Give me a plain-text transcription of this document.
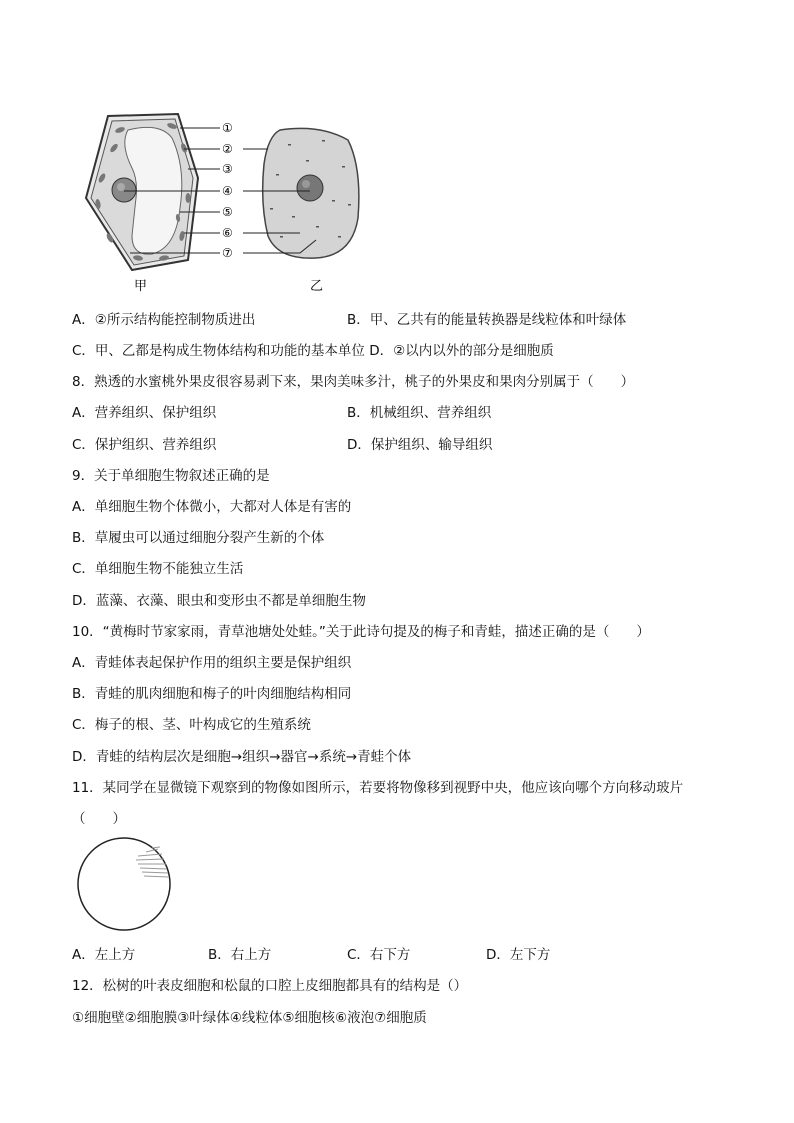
①
②
③
④
⑤
⑥
⑦
甲	乙
A．②所示结构能控制物质进出	B．甲、乙共有的能量转换器是线粒体和叶绿体
C．甲、乙都是构成生物体结构和功能的基本单位 D．②以内以外的部分是细胞质
8．熟透的水蜜桃外果皮很容易剥下来，果肉美味多汁，桃子的外果皮和果肉分别属于（　　）
A．营养组织、保护组织	B．机械组织、营养组织
C．保护组织、营养组织	D．保护组织、输导组织
9．关于单细胞生物叙述正确的是
A．单细胞生物个体微小，大都对人体是有害的
B．草履虫可以通过细胞分裂产生新的个体
C．单细胞生物不能独立生活
D．蓝藻、衣藻、眼虫和变形虫不都是单细胞生物
10．“黄梅时节家家雨，青草池塘处处蛙。”关于此诗句提及的梅子和青蛙，描述正确的是（　　）
A．青蛙体表起保护作用的组织主要是保护组织
B．青蛙的肌肉细胞和梅子的叶肉细胞结构相同
C．梅子的根、茎、叶构成它的生殖系统
D．青蛙的结构层次是细胞→组织→器官→系统→青蛙个体
11．某同学在显微镜下观察到的物像如图所示，若要将物像移到视野中央，他应该向哪个方向移动玻片
（　　）
A．左上方	B．右上方	C．右下方	D．左下方
12．松树的叶表皮细胞和松鼠的口腔上皮细胞都具有的结构是（）
①细胞壁②细胞膜③叶绿体④线粒体⑤细胞核⑥液泡⑦细胞质
